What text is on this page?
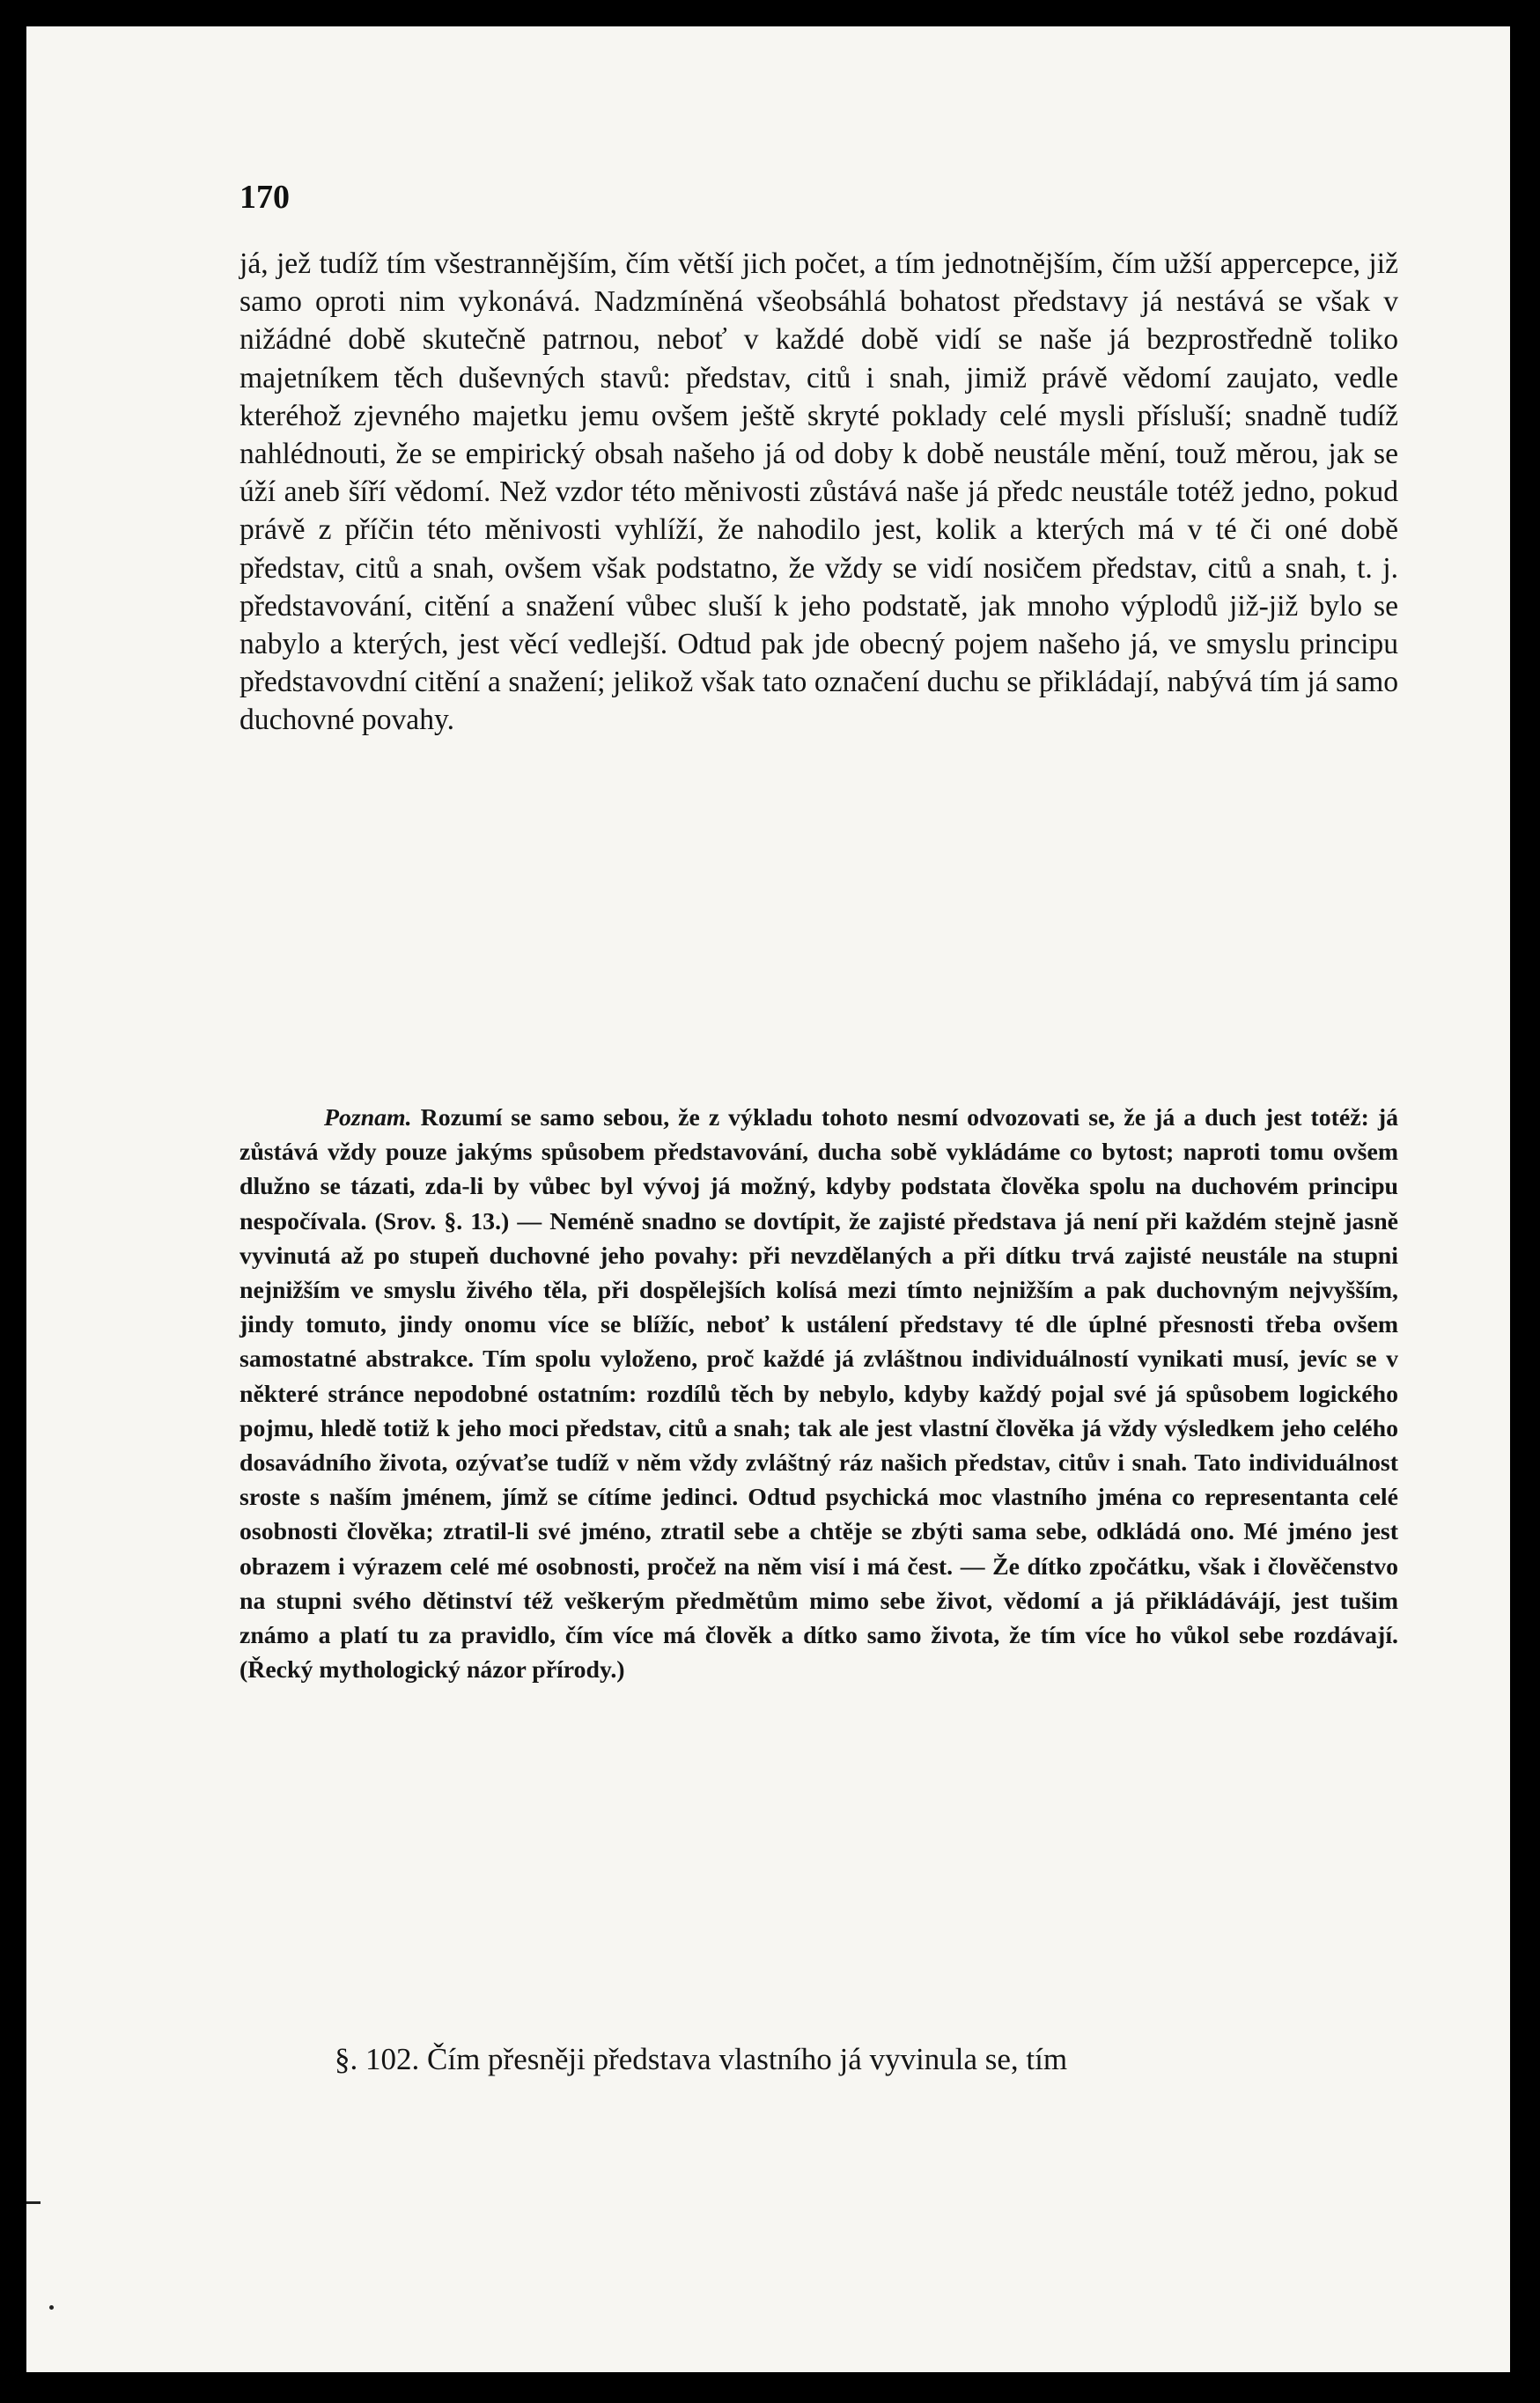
170
já, jež tudíž tím všestrannějším, čím větší jich počet, a tím jednotnějším, čím užší appercepce, již samo oproti nim vykonává. Nadzmíněná všeobsáhlá bohatost představy já nestává se však v nižádné době skutečně patrnou, neboť v každé době vidí se naše já bezprostředně toliko majetníkem těch duševných stavů: představ, citů i snah, jimiž právě vědomí zaujato, vedle kteréhož zjevného majetku jemu ovšem ještě skryté poklady celé mysli přísluší; snadně tudíž nahlédnouti, že se empirický obsah našeho já od doby k době neustále mění, touž měrou, jak se úží aneb šíří vědomí. Než vzdor této měnivosti zůstává naše já předc neustále totéž jedno, pokud právě z příčin této měnivosti vyhlíží, že nahodilo jest, kolik a kterých má v té či oné době představ, citů a snah, ovšem však podstatno, že vždy se vidí nosičem představ, citů a snah, t. j. představování, citění a snažení vůbec sluší k jeho podstatě, jak mnoho výplodů již-již bylo se nabylo a kterých, jest věcí vedlejší. Odtud pak jde obecný pojem našeho já, ve smyslu principu představovdní citění a snažení; jelikož však tato označení duchu se přikládají, nabývá tím já samo duchovné povahy.
Poznam. Rozumí se samo sebou, že z výkladu tohoto nesmí odvozovati se, že já a duch jest totéž: já zůstává vždy pouze jakýms spůsobem představování, ducha sobě vykládáme co bytost; naproti tomu ovšem dlužno se tázati, zda-li by vůbec byl vývoj já možný, kdyby podstata člověka spolu na duchovém principu nespočívala. (Srov. §. 13.) — Neméně snadno se dovtípit, že zajisté představa já není při každém stejně jasně vyvinutá až po stupeň duchovné jeho povahy: při nevzdělaných a při dítku trvá zajisté neustále na stupni nejnižším ve smyslu živého těla, při dospělejších kolísá mezi tímto nejnižším a pak duchovným nejvyšším, jindy tomuto, jindy onomu více se blížíc, neboť k ustálení představy té dle úplné přesnosti třeba ovšem samostatné abstrakce. Tím spolu vyloženo, proč každé já zvláštnou individuálností vynikati musí, jevíc se v některé stránce nepodobné ostatním: rozdílů těch by nebylo, kdyby každý pojal své já spůsobem logického pojmu, hledě totiž k jeho moci představ, citů a snah; tak ale jest vlastní člověka já vždy výsledkem jeho celého dosavádního života, ozývaťse tudíž v něm vždy zvláštný ráz našich představ, citův i snah. Tato individuálnost sroste s naším jménem, jímž se cítíme jedinci. Odtud psychická moc vlastního jména co representanta celé osobnosti člověka; ztratil-li své jméno, ztratil sebe a chtěje se zbýti sama sebe, odkládá ono. Mé jméno jest obrazem i výrazem celé mé osobnosti, pročež na něm visí i má čest. — Že dítko zpočátku, však i člověčenstvo na stupni svého dětinství též veškerým předmětům mimo sebe život, vědomí a já přikládávájí, jest tušim známo a platí tu za pravidlo, čím více má člověk a dítko samo života, že tím více ho vůkol sebe rozdávají. (Řecký mythologický názor přírody.)
§. 102. Čím přesněji představa vlastního já vyvinula se, tím
